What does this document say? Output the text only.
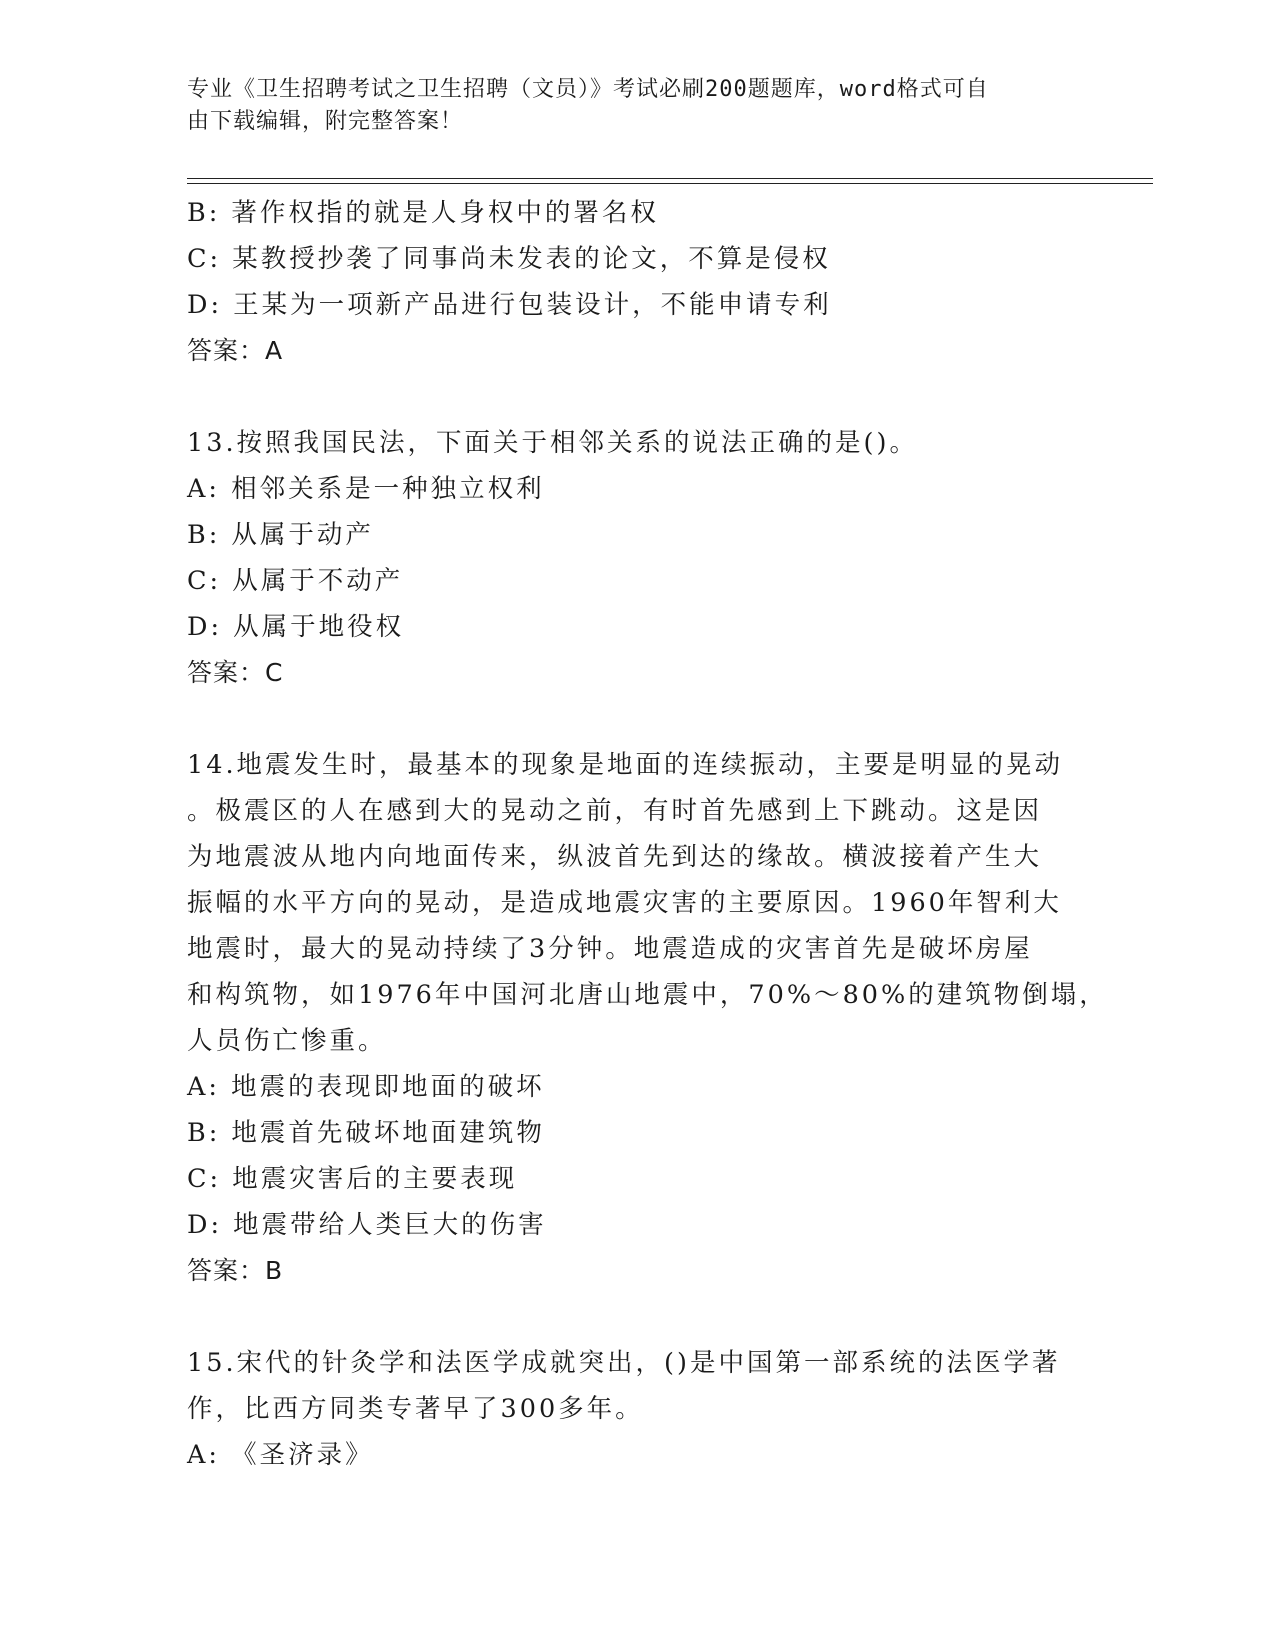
专业《卫生招聘考试之卫生招聘（文员）》考试必刷200题题库，word格式可自
由下载编辑，附完整答案！
B: 著作权指的就是人身权中的署名权
C: 某教授抄袭了同事尚未发表的论文，不算是侵权
D: 王某为一项新产品进行包装设计，不能申请专利
答案：A
13.按照我国民法，下面关于相邻关系的说法正确的是()。
A: 相邻关系是一种独立权利
B: 从属于动产
C: 从属于不动产
D: 从属于地役权
答案：C
14.地震发生时，最基本的现象是地面的连续振动，主要是明显的晃动
。极震区的人在感到大的晃动之前，有时首先感到上下跳动。这是因
为地震波从地内向地面传来，纵波首先到达的缘故。横波接着产生大
振幅的水平方向的晃动，是造成地震灾害的主要原因。1960年智利大
地震时，最大的晃动持续了3分钟。地震造成的灾害首先是破坏房屋
和构筑物，如1976年中国河北唐山地震中，70%～80%的建筑物倒塌，
人员伤亡惨重。
A: 地震的表现即地面的破坏
B: 地震首先破坏地面建筑物
C: 地震灾害后的主要表现
D: 地震带给人类巨大的伤害
答案：B
15.宋代的针灸学和法医学成就突出，()是中国第一部系统的法医学著
作，比西方同类专著早了300多年。
A: 《圣济录》
